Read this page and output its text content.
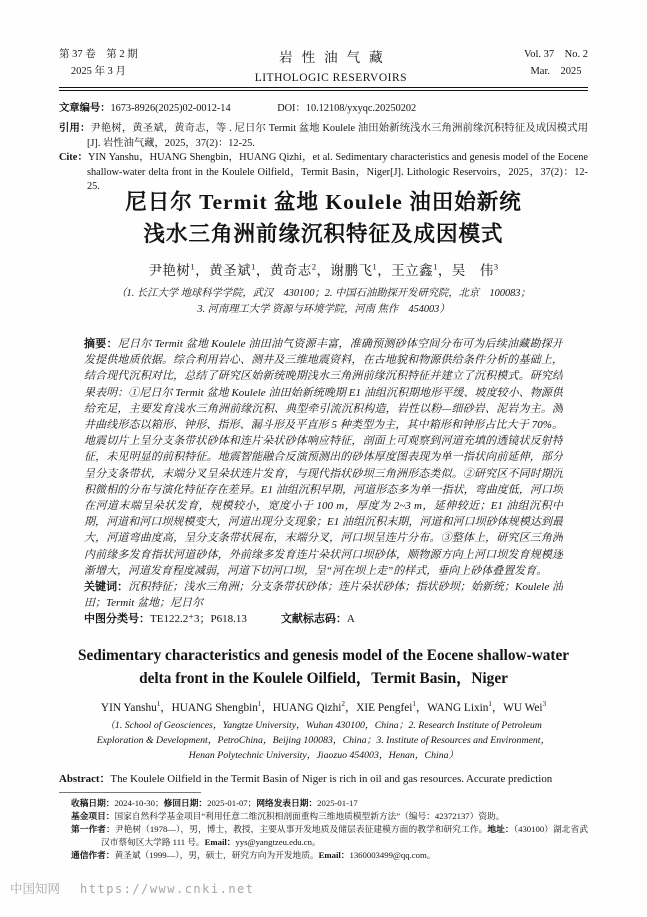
第 37 卷　第 2 期
2025 年 3 月
岩性油气藏
LITHOLOGIC RESERVOIRS
Vol. 37　No. 2
Mar.　2025
文章编号：1673-8926(2025)02-0012-14	DOI：10.12108/yxyqc.20250202

引用：尹艳树，黄圣斌，黄奇志，等 . 尼日尔 Termit 盆地 Koulele 油田始新统浅水三角洲前缘沉积特征及成因模式用[J]. 岩性油气藏，2025，37(2)：12-25.

Cite：YIN Yanshu，HUANG Shengbin，HUANG Qizhi，et al. Sedimentary characteristics and genesis model of the Eocene shallow-water delta front in the Koulele Oilfield，Termit Basin，Niger[J]. Lithologic Reservoirs，2025，37(2)：12-25.

尼日尔 Termit 盆地 Koulele 油田始新统
浅水三角洲前缘沉积特征及成因模式
尹艳树$^1$，黄圣斌$^1$，黄奇志$^2$，谢鹏飞$^1$，王立鑫$^1$，吴　伟$^3$
（1. 长江大学 地球科学学院，武汉　430100；2. 中国石油勘探开发研究院，北京　100083；
3. 河南理工大学 资源与环境学院，河南 焦作　454003）

摘要：尼日尔 Termit 盆地 Koulele 油田油气资源丰富，准确预测砂体空间分布可为后续油藏勘探开发提供地质依据。综合利用岩心、测井及三维地震资料，在古地貌和物源供给条件分析的基础上，结合现代沉积对比，总结了研究区始新统晚期浅水三角洲前缘沉积特征并建立了沉积模式。研究结果表明：①尼日尔 Termit 盆地 Koulele 油田始新统晚期 E1 油组沉积期地形平缓、坡度较小、物源供给充足，主要发育浅水三角洲前缘沉积、典型牵引流沉积构造，岩性以粉—细砂岩、泥岩为主。测井曲线形态以箱形、钟形、指形、漏斗形及平直形 5 种类型为主，其中箱形和钟形占比大于 70%。地震切片上呈分支条带状砂体和连片朵状砂体响应特征，剖面上可观察到河道充填的透镜状反射特征，未见明显的前积特征。地震智能融合反演预测出的砂体厚度图表现为单一指状向前延伸，部分呈分支条带状，末端分叉呈朵状连片发育，与现代指状砂坝三角洲形态类似。②研究区不同时期沉积微相的分布与演化特征存在差异。E1 油组沉积早期，河道形态多为单一指状，弯曲度低，河口坝在河道末端呈朵状发育，规模较小，宽度小于 100 m，厚度为 2~3 m，延伸较近；E1 油组沉积中期，河道和河口坝规模变大，河道出现分支现象；E1 油组沉积末期，河道和河口坝砂体规模达到最大，河道弯曲度高，呈分支条带状展布，末端分叉，河口坝呈连片分布。③整体上，研究区三角洲内前缘多发育指状河道砂体，外前缘多发育连片朵状河口坝砂体，顺物源方向上河口坝发育规模逐渐增大，河道发育程度减弱，河道下切河口坝，呈“河在坝上走”的样式，垂向上砂体叠置发育。

关键词：沉积特征；浅水三角洲；分支条带状砂体；连片朵状砂体；指状砂坝；始新统；Koulele 油田；Termit 盆地；尼日尔

中图分类号：TE122.2⁺3；P618.13	文献标志码：A

Sedimentary characteristics and genesis model of the Eocene shallow-water
delta front in the Koulele Oilfield，Termit Basin，Niger
YIN Yanshu$^1$，HUANG Shengbin$^1$，HUANG Qizhi$^2$，XIE Pengfei$^1$，WANG Lixin$^1$，WU Wei$^3$
（1. School of Geosciences，Yangtze University，Wuhan 430100，China；2. Research Institute of Petroleum
Exploration & Development，PetroChina，Beijing 100083，China；3. Institute of Resources and Environment，
Henan Polytechnic University，Jiaozuo 454003，Henan，China）
Abstract：The Koulele Oilfield in the Termit Basin of Niger is rich in oil and gas resources. Accurate prediction

收稿日期：2024-10-30；修回日期：2025-01-07；网络发表日期：2025-01-17

基金项目：国家自然科学基金项目“利用任意二维沉积相剖面重构三维地质模型新方法”（编号：42372137）资助。

第一作者：尹艳树（1978—），男，博士，教授，主要从事开发地质及储层表征建模方面的教学和研究工作。地址：（430100）湖北省武汉市蔡甸区大学路 111 号。Email：yys@yangtzeu.edu.cn。

通信作者：黄圣斌（1999—），男，硕士，研究方向为开发地质。Email：1360003499@qq.com。

中国知网 https://www.cnki.net
